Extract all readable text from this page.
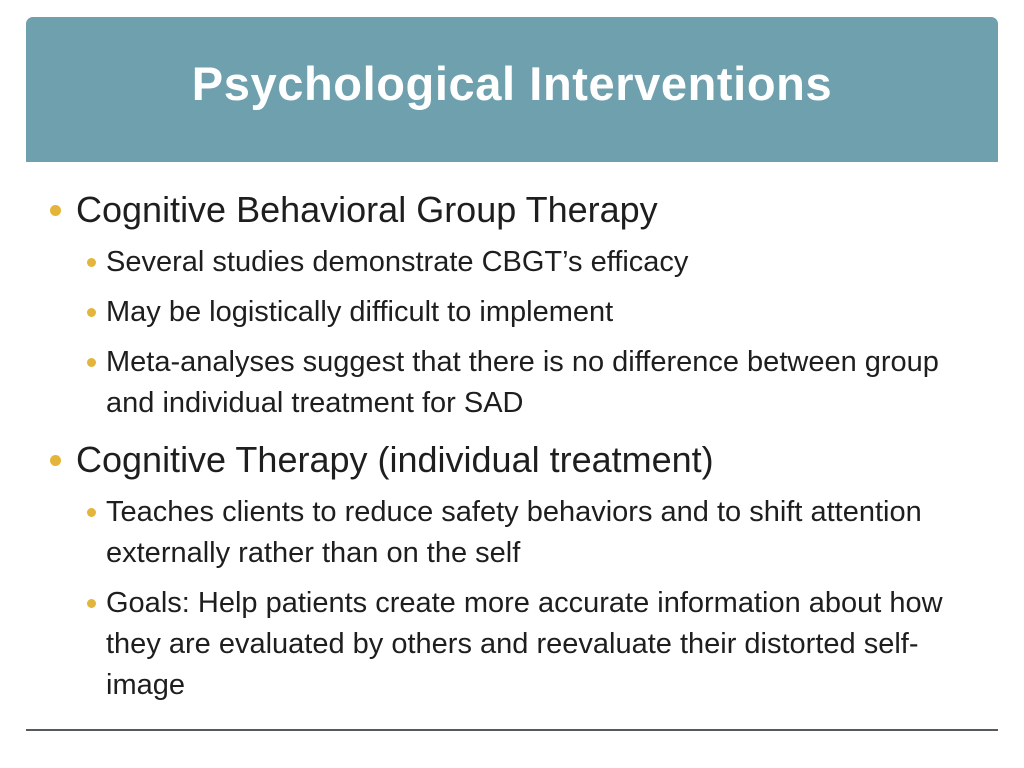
Psychological Interventions
Cognitive Behavioral Group Therapy
Several studies demonstrate CBGT’s efficacy
May be logistically difficult to implement
Meta-analyses suggest that there is no difference between group and individual treatment for SAD
Cognitive Therapy (individual treatment)
Teaches clients to reduce safety behaviors and to shift attention externally rather than on the self
Goals: Help patients create more accurate information about how they are evaluated by others and reevaluate their distorted self-image
